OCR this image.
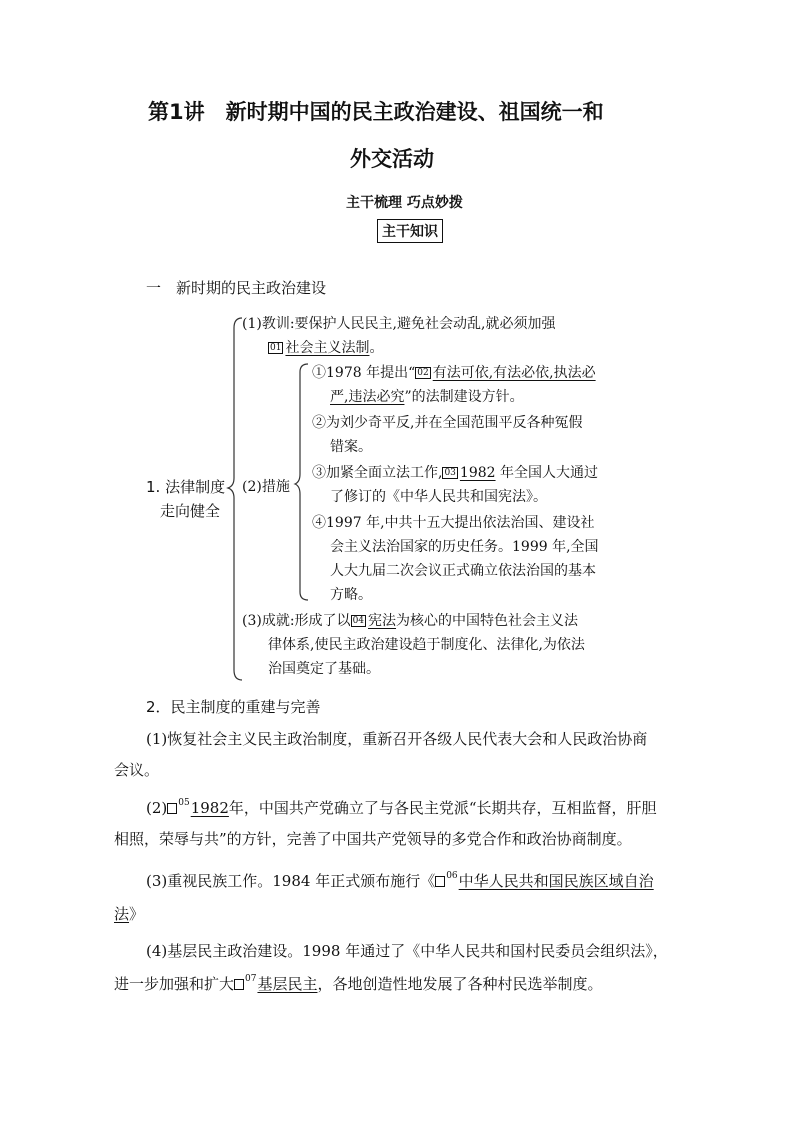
第1讲　新时期中国的民主政治建设、祖国统一和
外交活动
主干梳理 巧点妙拨
主干知识
一　新时期的民主政治建设
1. 法律制度
走向健全
(1)教训:要保护人民民主,避免社会动乱,就必须加强
01 社会主义法制。
(2)措施
①1978 年提出“ 02 有法可依,有法必依,执法必
严,违法必究”的法制建设方针。
②为刘少奇平反,并在全国范围平反各种冤假
错案。
③加紧全面立法工作, 03 1982 年全国人大通过
了修订的《中华人民共和国宪法》。
④1997 年,中共十五大提出依法治国、建设社
会主义法治国家的历史任务。1999 年,全国
人大九届二次会议正式确立依法治国的基本
方略。
(3)成就:形成了以 04 宪法为核心的中国特色社会主义法
律体系,使民主政治建设趋于制度化、法律化,为依法
治国奠定了基础。
2．民主制度的重建与完善
(1)恢复社会主义民主政治制度，重新召开各级人民代表大会和人民政治协商
会议。
(2) 051982年，中国共产党确立了与各民主党派“长期共存，互相监督，肝胆
相照，荣辱与共”的方针，完善了中国共产党领导的多党合作和政治协商制度。
(3)重视民族工作。1984 年正式颁布施行《 06中华人民共和国民族区域自治
法》
(4)基层民主政治建设。1998 年通过了《中华人民共和国村民委员会组织法》，
进一步加强和扩大 07基层民主，各地创造性地发展了各种村民选举制度。
